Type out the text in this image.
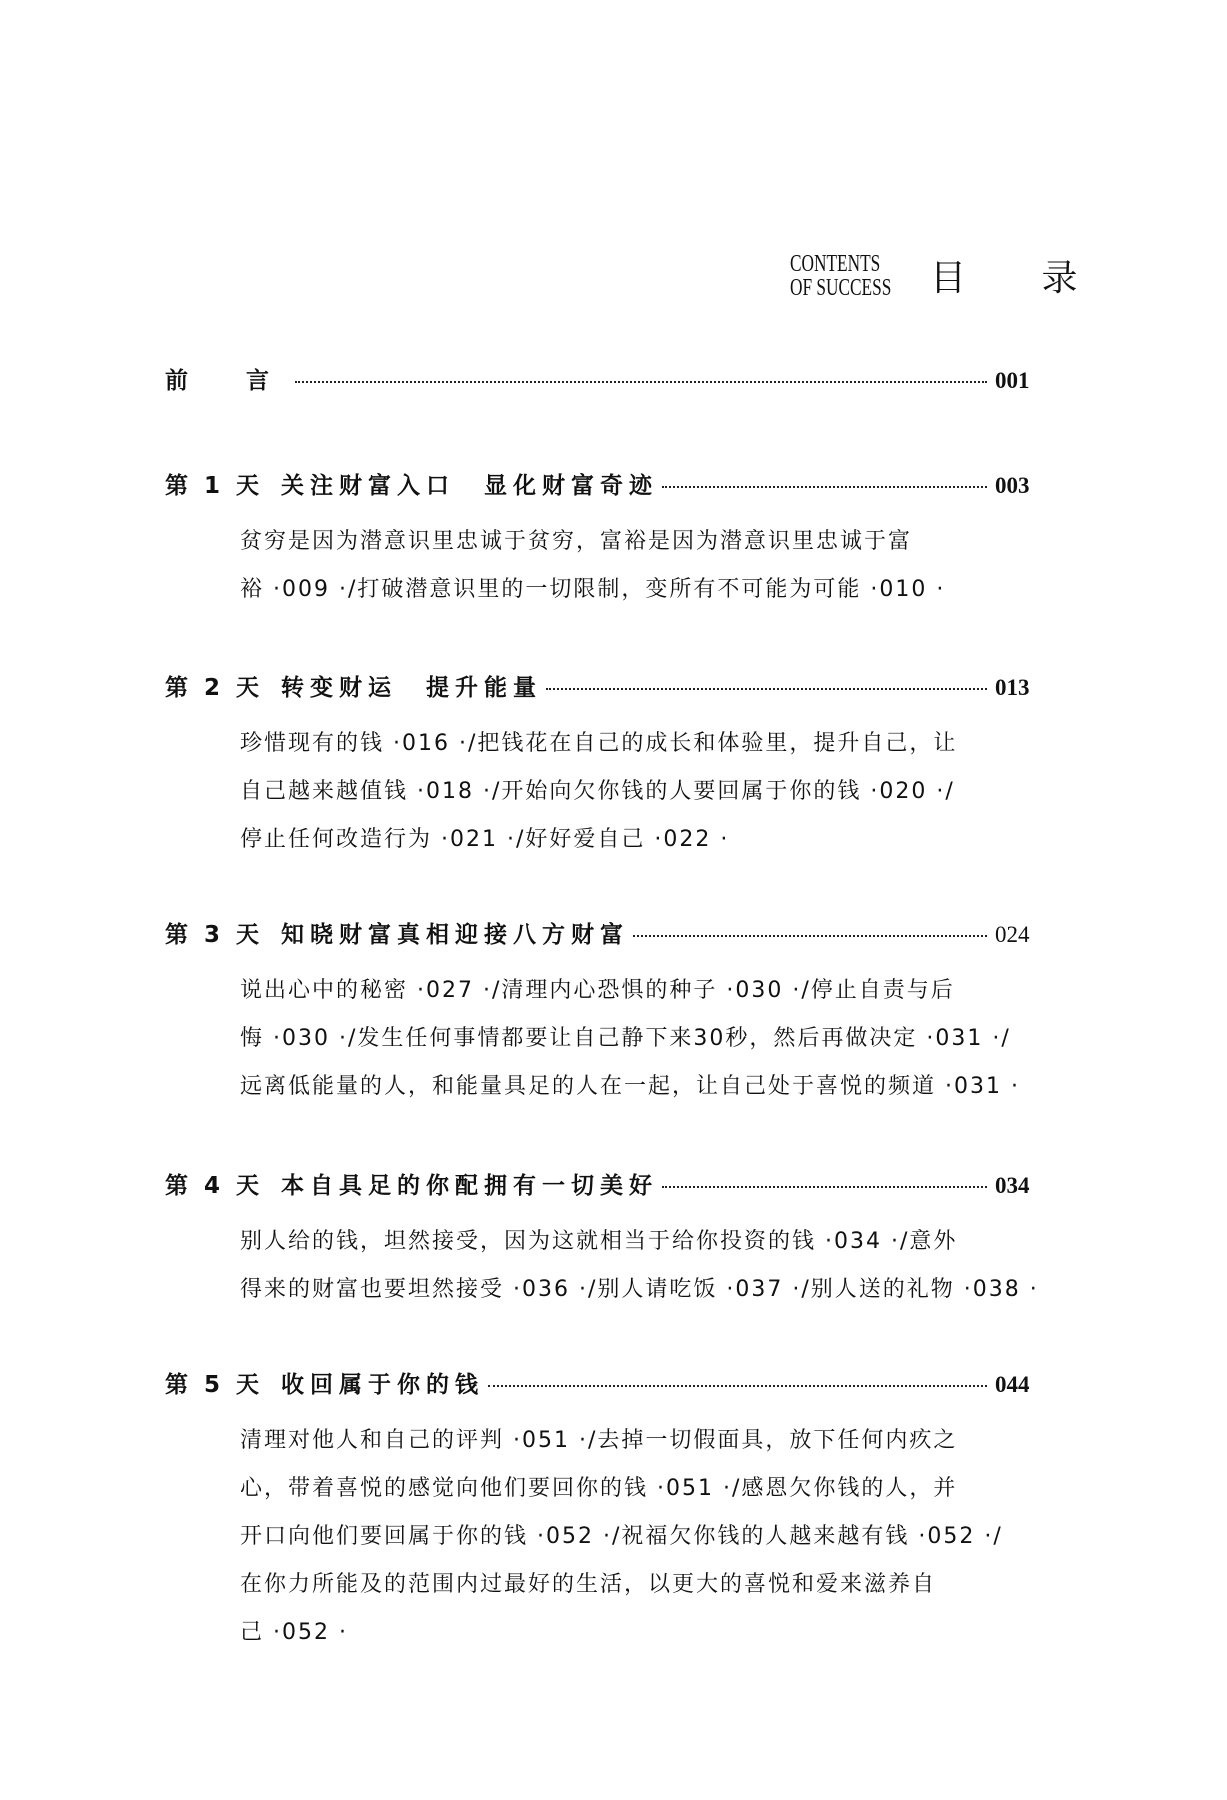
CONTENTS
OF SUCCESS 目 录
前　　言	001
第 1 天 关注财富入口　显化财富奇迹	003
贫穷是因为潜意识里忠诚于贫穷，富裕是因为潜意识里忠诚于富
裕 ·009 ·/打破潜意识里的一切限制，变所有不可能为可能 ·010 ·
第 2 天 转变财运　提升能量	013
珍惜现有的钱 ·016 ·/把钱花在自己的成长和体验里，提升自己，让
自己越来越值钱 ·018 ·/开始向欠你钱的人要回属于你的钱 ·020 ·/
停止任何改造行为 ·021 ·/好好爱自己 ·022 ·
第 3 天 知晓财富真相迎接八方财富	024
说出心中的秘密 ·027 ·/清理内心恐惧的种子 ·030 ·/停止自责与后
悔 ·030 ·/发生任何事情都要让自己静下来30秒，然后再做决定 ·031 ·/
远离低能量的人，和能量具足的人在一起，让自己处于喜悦的频道 ·031 ·
第 4 天 本自具足的你配拥有一切美好	034
别人给的钱，坦然接受，因为这就相当于给你投资的钱 ·034 ·/意外
得来的财富也要坦然接受 ·036 ·/别人请吃饭 ·037 ·/别人送的礼物 ·038 ·
第 5 天 收回属于你的钱	044
清理对他人和自己的评判 ·051 ·/去掉一切假面具，放下任何内疚之
心，带着喜悦的感觉向他们要回你的钱 ·051 ·/感恩欠你钱的人，并
开口向他们要回属于你的钱 ·052 ·/祝福欠你钱的人越来越有钱 ·052 ·/
在你力所能及的范围内过最好的生活，以更大的喜悦和爱来滋养自
己 ·052 ·
